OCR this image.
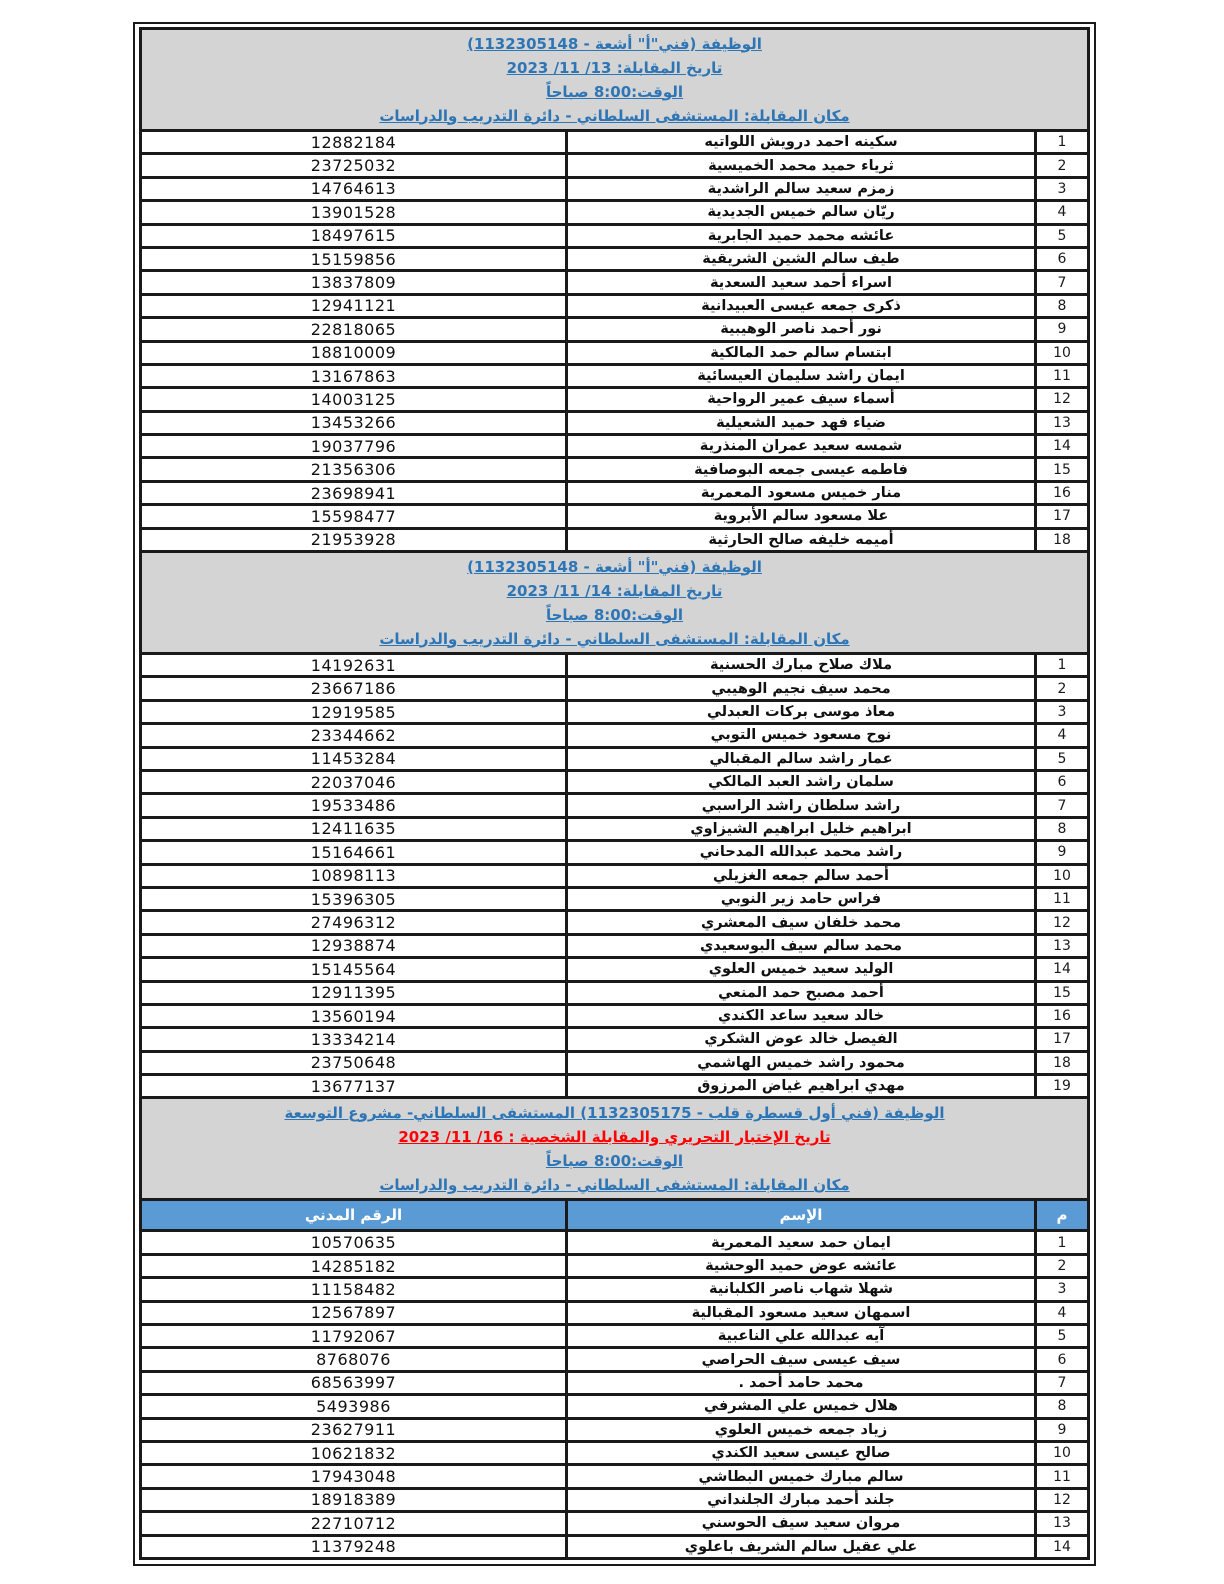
الوظيفة (فني"أ" أشعة - 1132305148)
تاريخ المقابلة: 13/ 11/ 2023
الوقت:8:00 صباحاً
مكان المقابلة: المستشفى السلطاني - دائرة التدريب والدراسات
1
سكينه احمد درويش اللواتيه
12882184
2
ثرياء حميد محمد الخميسية
23725032
3
زمزم سعيد سالم الراشدية
14764613
4
ريّان سالم خميس الجديدية
13901528
5
عائشه محمد حميد الجابرية
18497615
6
طيف سالم الشين الشريقية
15159856
7
اسراء أحمد سعيد السعدية
13837809
8
ذكرى جمعه عيسى العبيدانية
12941121
9
نور أحمد ناصر الوهيبية
22818065
10
ابتسام سالم حمد المالكية
18810009
11
ايمان راشد سليمان العيسائية
13167863
12
أسماء سيف عمير الرواحية
14003125
13
ضياء فهد حميد الشعيلية
13453266
14
شمسه سعيد عمران المنذرية
19037796
15
فاطمه عيسى جمعه البوصافية
21356306
16
منار خميس مسعود المعمرية
23698941
17
علا مسعود سالم الأبروية
15598477
18
أميمه خليفه صالح الحارثية
21953928
الوظيفة (فني"أ" أشعة - 1132305148)
تاريخ المقابلة: 14/ 11/ 2023
الوقت:8:00 صباحاً
مكان المقابلة: المستشفى السلطاني - دائرة التدريب والدراسات
1
ملاك صلاح مبارك الحسنية
14192631
2
محمد سيف نجيم الوهيبي
23667186
3
معاذ موسى بركات العبدلي
12919585
4
نوح مسعود خميس التوبي
23344662
5
عمار راشد سالم المقبالي
11453284
6
سلمان راشد العبد المالكي
22037046
7
راشد سلطان راشد الراسبي
19533486
8
ابراهيم خليل ابراهيم الشيزاوي
12411635
9
راشد محمد عبدالله المدحاني
15164661
10
أحمد سالم جمعه الغزيلي
10898113
11
فراس حامد زير النوبي
15396305
12
محمد خلفان سيف المعشري
27496312
13
محمد سالم سيف البوسعيدي
12938874
14
الوليد سعيد خميس العلوي
15145564
15
أحمد مصبح حمد المنعي
12911395
16
خالد سعيد ساعد الكندي
13560194
17
الفيصل خالد عوض الشكري
13334214
18
محمود راشد خميس الهاشمي
23750648
19
مهدي ابراهيم غياض المرزوق
13677137
الوظيفة (فني أول قسطرة قلب - 1132305175) المستشفى السلطاني- مشروع التوسعة
تاريخ الإختبار التحريري والمقابلة الشخصية : 16/ 11/ 2023
الوقت:8:00 صباحاً
مكان المقابلة: المستشفى السلطاني - دائرة التدريب والدراسات
م
الإسم
الرقم المدني
1
ايمان حمد سعيد المعمرية
10570635
2
عائشه عوض حميد الوحشية
14285182
3
شهلا شهاب ناصر الكلبانية
11158482
4
اسمهان سعيد مسعود المقبالية
12567897
5
آيه عبدالله علي الناعبية
11792067
6
سيف عيسى سيف الحراصي
8768076
7
محمد حامد أحمد .
68563997
8
هلال خميس علي المشرفي
5493986
9
زياد جمعه خميس العلوي
23627911
10
صالح عيسى سعيد الكندي
10621832
11
سالم مبارك خميس البطاشي
17943048
12
جلند أحمد مبارك الجلنداني
18918389
13
مروان سعيد سيف الحوسني
22710712
14
علي عقيل سالم الشريف باعلوي
11379248
